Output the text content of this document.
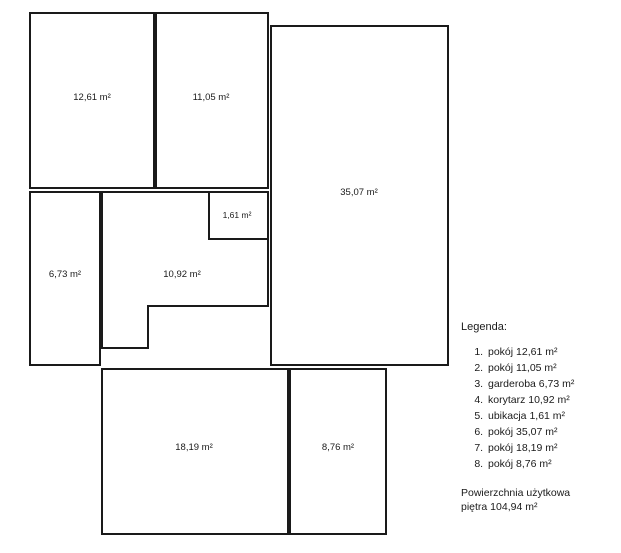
12,61 m²	11,05 m²
35,07 m²
1,61 m²
6,73 m²	10,92 m²
18,19 m²	8,76 m²
Legenda:
1. pokój 12,61 m²
2. pokój 11,05 m²
3. garderoba 6,73 m²
4. korytarz 10,92 m²
5. ubikacja 1,61 m²
6. pokój 35,07 m²
7. pokój 18,19 m²
8. pokój 8,76 m²
Powierzchnia użytkowa
piętra 104,94 m²
